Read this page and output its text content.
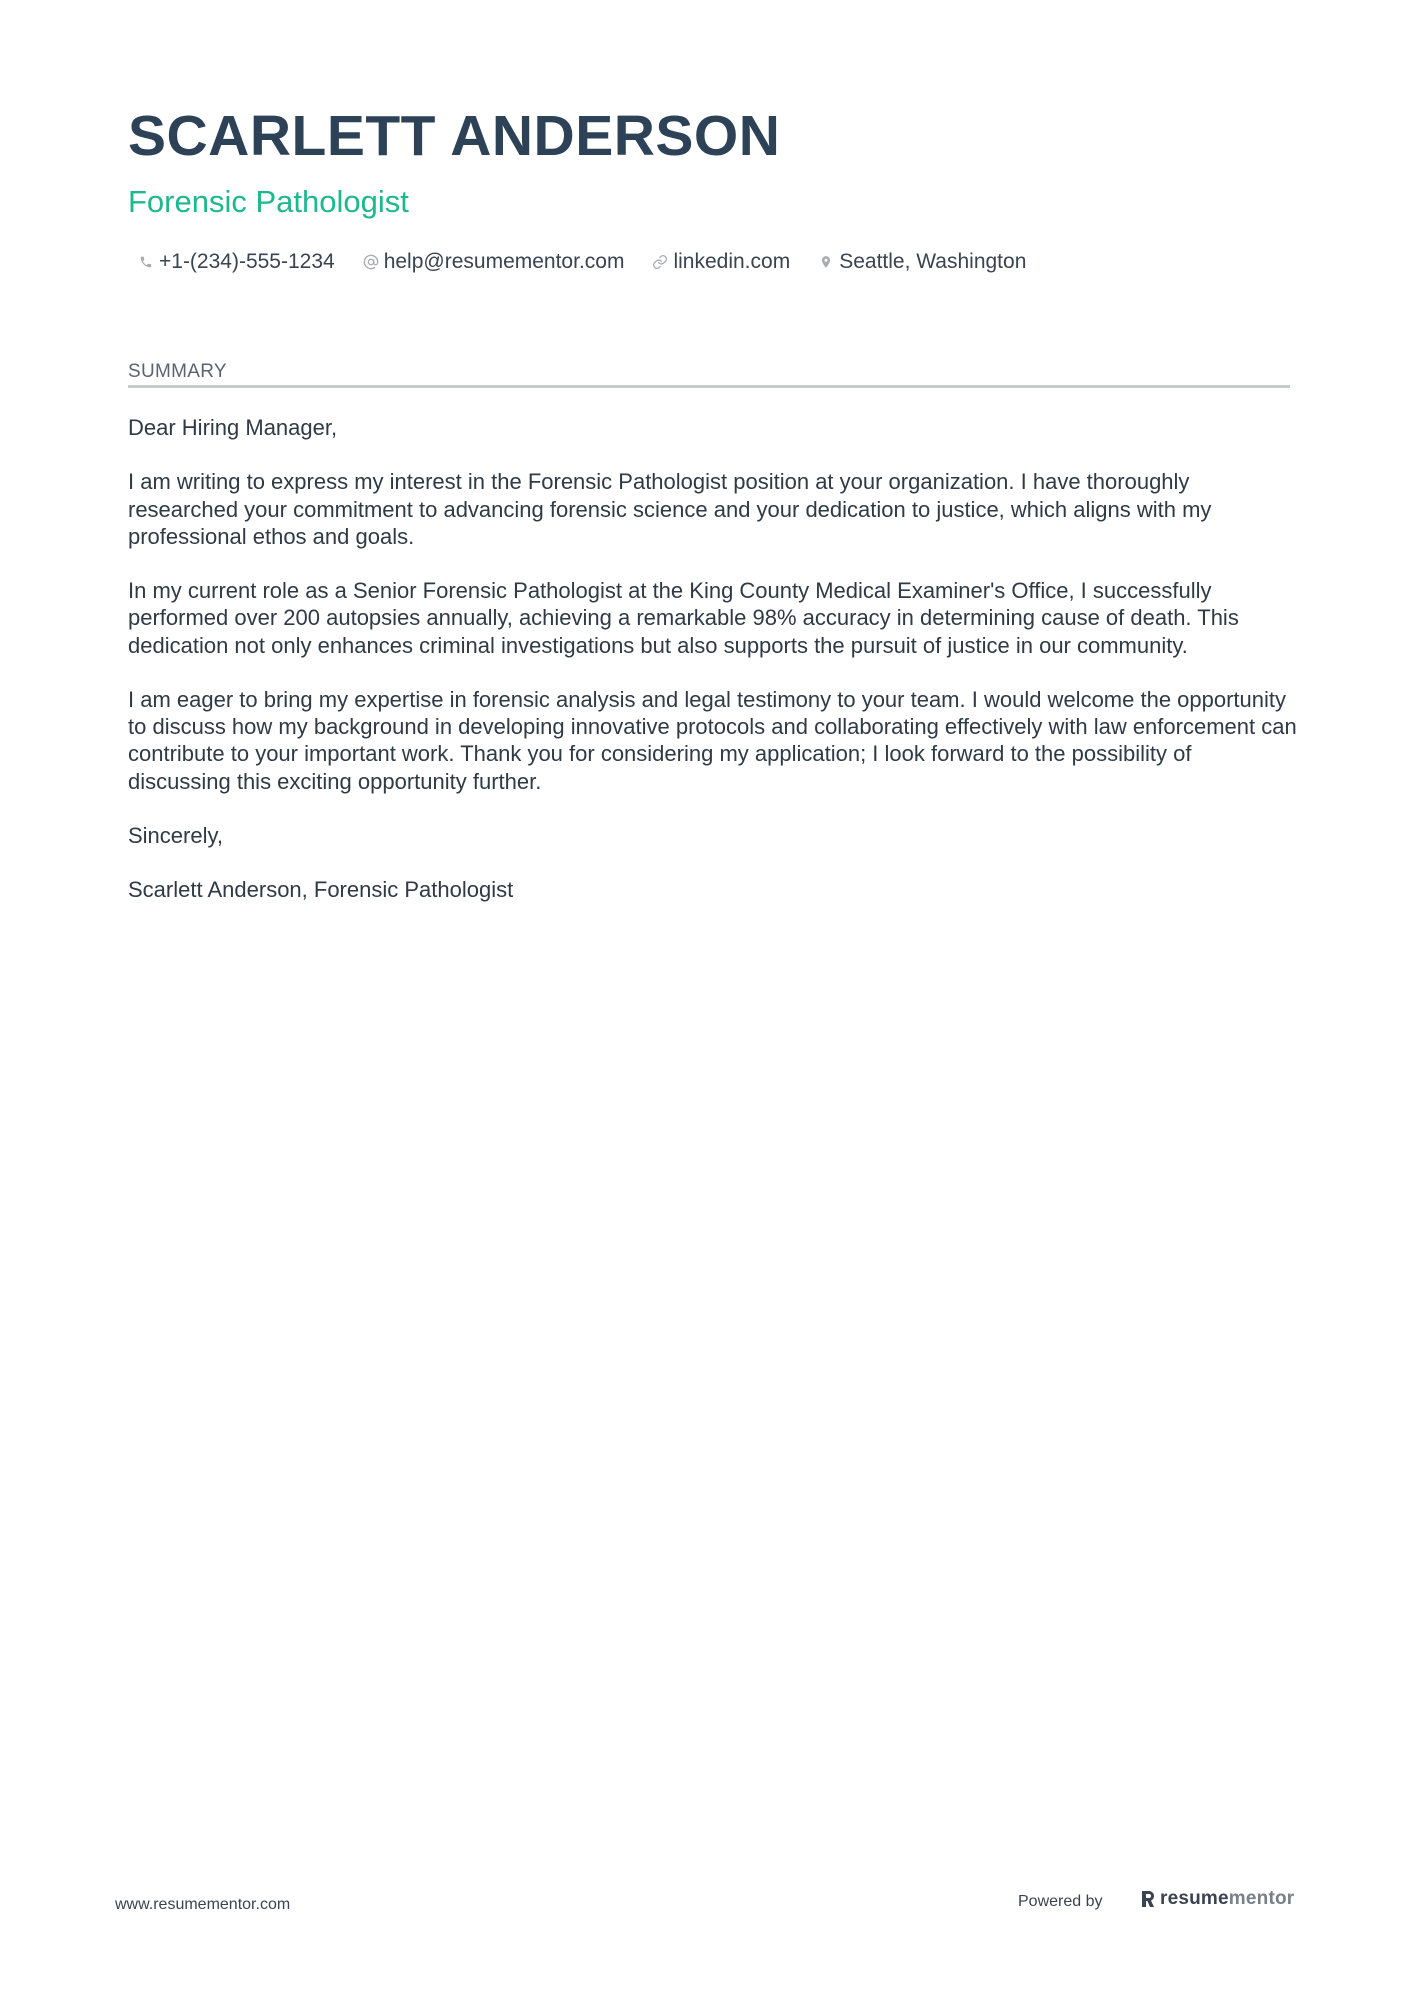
SCARLETT ANDERSON
Forensic Pathologist
+1-(234)-555-1234 help@resumementor.com linkedin.com Seattle, Washington
SUMMARY

Dear Hiring Manager,

I am writing to express my interest in the Forensic Pathologist position at your organization. I have thoroughly researched your commitment to advancing forensic science and your dedication to justice, which aligns with my professional ethos and goals.

In my current role as a Senior Forensic Pathologist at the King County Medical Examiner's Office, I successfully performed over 200 autopsies annually, achieving a remarkable 98% accuracy in determining cause of death. This dedication not only enhances criminal investigations but also supports the pursuit of justice in our community.

I am eager to bring my expertise in forensic analysis and legal testimony to your team. I would welcome the opportunity to discuss how my background in developing innovative protocols and collaborating effectively with law enforcement can contribute to your important work. Thank you for considering my application; I look forward to the possibility of discussing this exciting opportunity further.

Sincerely,

Scarlett Anderson, Forensic Pathologist

www.resumementor.com	Powered by	resumementor
